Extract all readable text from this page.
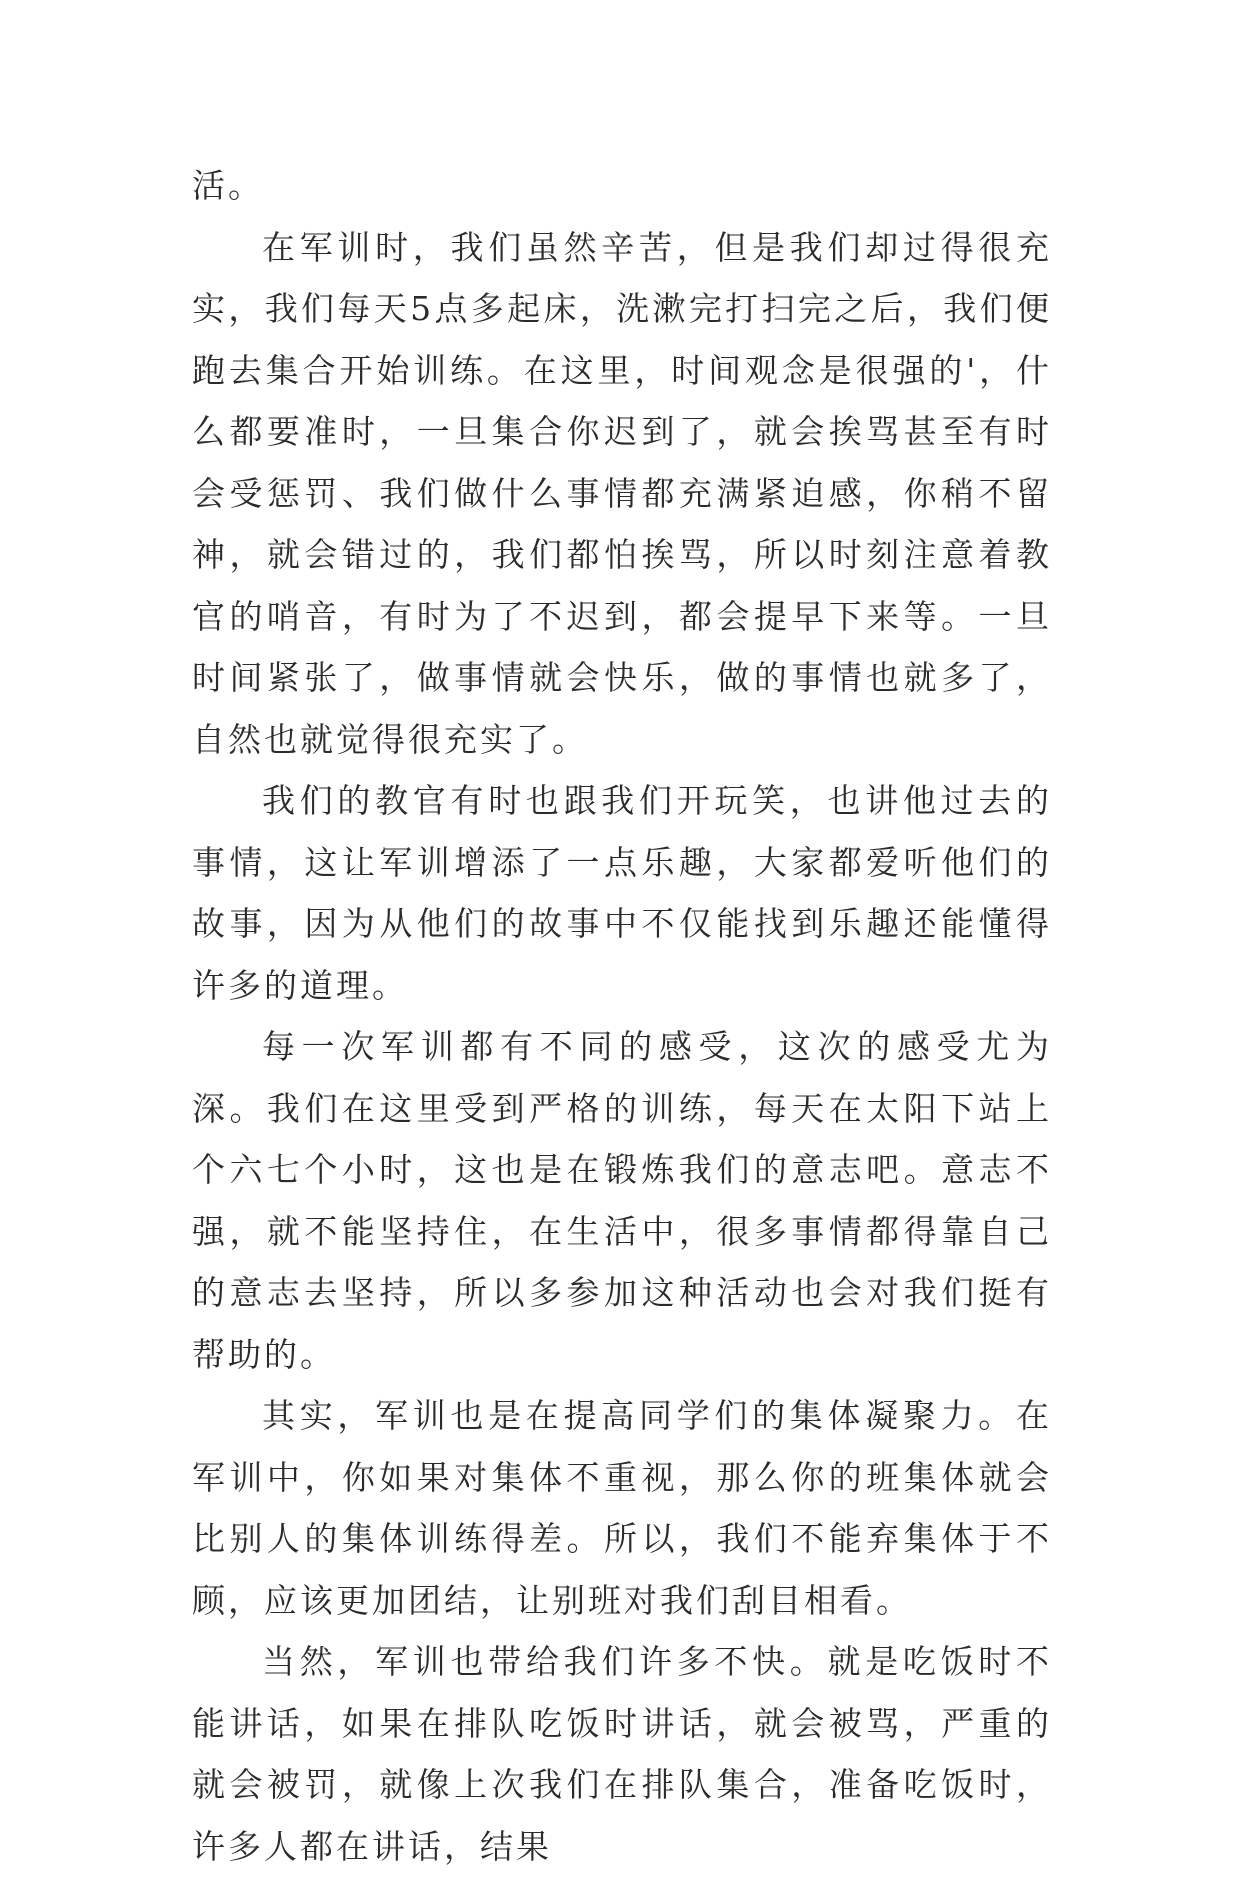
活。

在军训时，我们虽然辛苦，但是我们却过得很充实，我们每天5点多起床，洗漱完打扫完之后，我们便跑去集合开始训练。在这里，时间观念是很强的'，什么都要准时，一旦集合你迟到了，就会挨骂甚至有时会受惩罚、我们做什么事情都充满紧迫感，你稍不留神，就会错过的，我们都怕挨骂，所以时刻注意着教官的哨音，有时为了不迟到，都会提早下来等。一旦时间紧张了，做事情就会快乐，做的事情也就多了，自然也就觉得很充实了。

我们的教官有时也跟我们开玩笑，也讲他过去的事情，这让军训增添了一点乐趣，大家都爱听他们的故事，因为从他们的故事中不仅能找到乐趣还能懂得许多的道理。

每一次军训都有不同的感受，这次的感受尤为深。我们在这里受到严格的训练，每天在太阳下站上个六七个小时，这也是在锻炼我们的意志吧。意志不强，就不能坚持住，在生活中，很多事情都得靠自己的意志去坚持，所以多参加这种活动也会对我们挺有帮助的。

其实，军训也是在提高同学们的集体凝聚力。在军训中，你如果对集体不重视，那么你的班集体就会比别人的集体训练得差。所以，我们不能弃集体于不顾，应该更加团结，让别班对我们刮目相看。

当然，军训也带给我们许多不快。就是吃饭时不能讲话，如果在排队吃饭时讲话，就会被骂，严重的就会被罚，就像上次我们在排队集合，准备吃饭时，许多人都在讲话，结果
